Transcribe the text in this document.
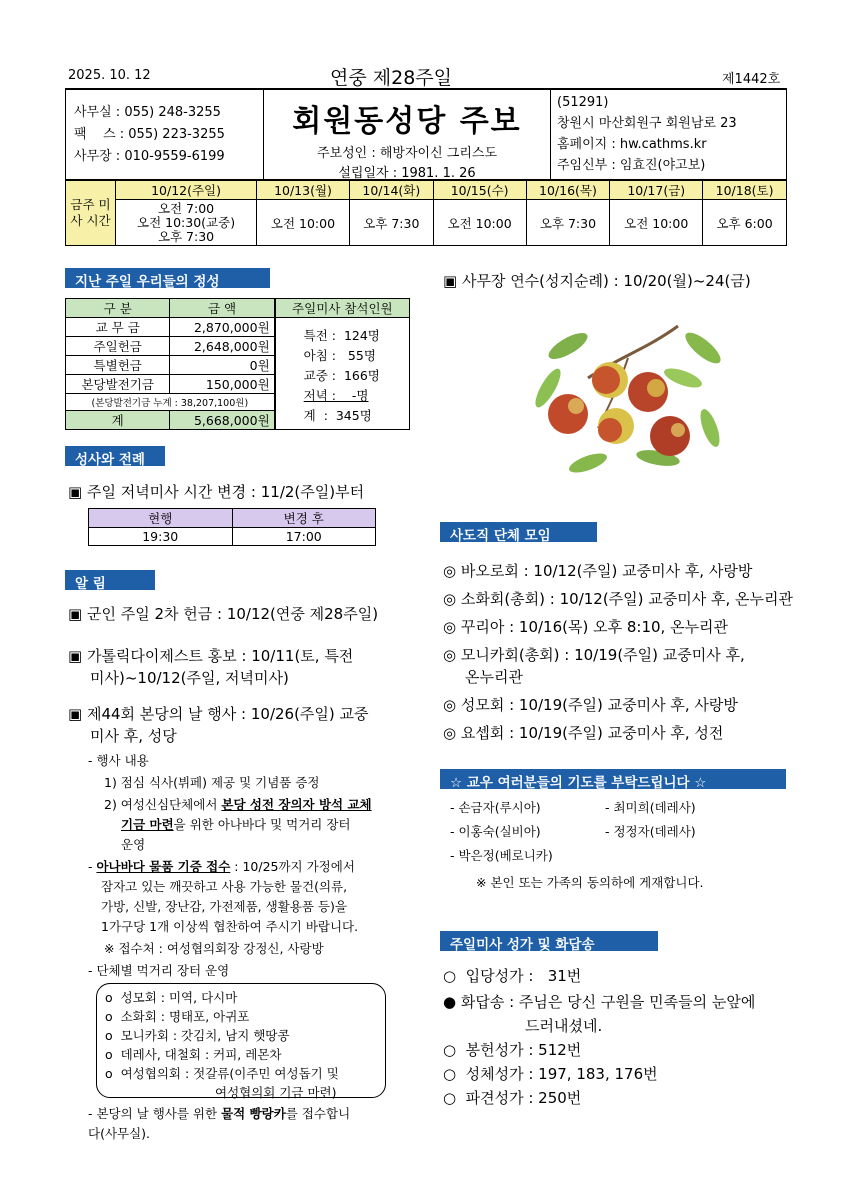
2025. 10. 12	연중 제28주일	제1442호
사무실 : 055) 248-3255
팩    스 : 055) 223-3255
사무장 : 010-9559-6199
회원동성당 주보
주보성인 : 해방자이신 그리스도
설립일자 : 1981. 1. 26
(51291)
창원시 마산회원구 회원남로 23
홈페이지 : hw.cathms.kr
주임신부 : 임효진(야고보)
금주 미사 시간	10/12(주일)	10/13(월)	10/14(화)	10/15(수)	10/16(목)	10/17(금)	10/18(토)

	오전 7:00
오전 10:30(교중)
오후 7:30	오전 10:00	오후 7:30	오전 10:00	오후 7:30	오전 10:00	오후 6:00
지난 주일 우리들의 정성
구 분	금 액	주일미사 참석인원
교 무 금	2,870,000원	특전 :  124명
아침 :   55명
교중 :  166명
저녁 :    -명
계  :  345명

주일헌금	2,648,000원	
특별헌금	0원	
본당발전기금	150,000원	
(본당발전기금 누계 : 38,207,100원)		
계	5,668,000원	
성사와 전례
▣ 주일 저녁미사 시간 변경 : 11/2(주일)부터
현행	변경 후
19:30	17:00
알 림
▣ 군인 주일 2차 헌금 : 10/12(연중 제28주일)
▣ 가톨릭다이제스트 홍보 : 10/11(토, 특전
미사)~10/12(주일, 저녁미사)
▣ 제44회 본당의 날 행사 : 10/26(주일) 교중
미사 후, 성당
- 행사 내용
1) 점심 식사(뷔페) 제공 및 기념품 증정
2) 여성신심단체에서 본당 성전 장의자 방석 교체
기금 마련을 위한 아나바다 및 먹거리 장터
운영
- 아나바다 물품 기증 접수 : 10/25까지 가정에서
잠자고 있는 깨끗하고 사용 가능한 물건(의류,
가방, 신발, 장난감, 가전제품, 생활용품 등)을
1가구당 1개 이상씩 협찬하여 주시기 바랍니다.
※ 접수처 : 여성협의회장 강정신, 사랑방
- 단체별 먹거리 장터 운영
o  성모회 : 미역, 다시마
o  소화회 : 명태포, 아귀포
o  모니카회 : 갓김치, 남지 햇땅콩
o  데레사, 대철회 : 커피, 레몬차
o  여성협의회 : 젓갈류(이주민 여성돕기 및
여성협의회 기금 마련)
- 본당의 날 행사를 위한 물적 빵랑카를 접수합니
다(사무실).
▣ 사무장 연수(성지순례) : 10/20(월)~24(금)
사도직 단체 모임
◎ 바오로회 : 10/12(주일) 교중미사 후, 사랑방
◎ 소화회(총회) : 10/12(주일) 교중미사 후, 온누리관
◎ 꾸리아 : 10/16(목) 오후 8:10, 온누리관
◎ 모니카회(총회) : 10/19(주일) 교중미사 후,
온누리관
◎ 성모회 : 10/19(주일) 교중미사 후, 사랑방
◎ 요셉회 : 10/19(주일) 교중미사 후, 성전
☆ 교우 여러분들의 기도를 부탁드립니다 ☆
- 손금자(루시아)
- 이홍숙(실비아)
- 박은정(베로니카)
- 최미희(데레사)
- 정정자(데레사)
※ 본인 또는 가족의 동의하에 게재합니다.
주일미사 성가 및 화답송
○  입당성가 :   31번
● 화답송 : 주님은 당신 구원을 민족들의 눈앞에
드러내셨네.
○  봉헌성가 : 512번
○  성체성가 : 197, 183, 176번
○  파견성가 : 250번
